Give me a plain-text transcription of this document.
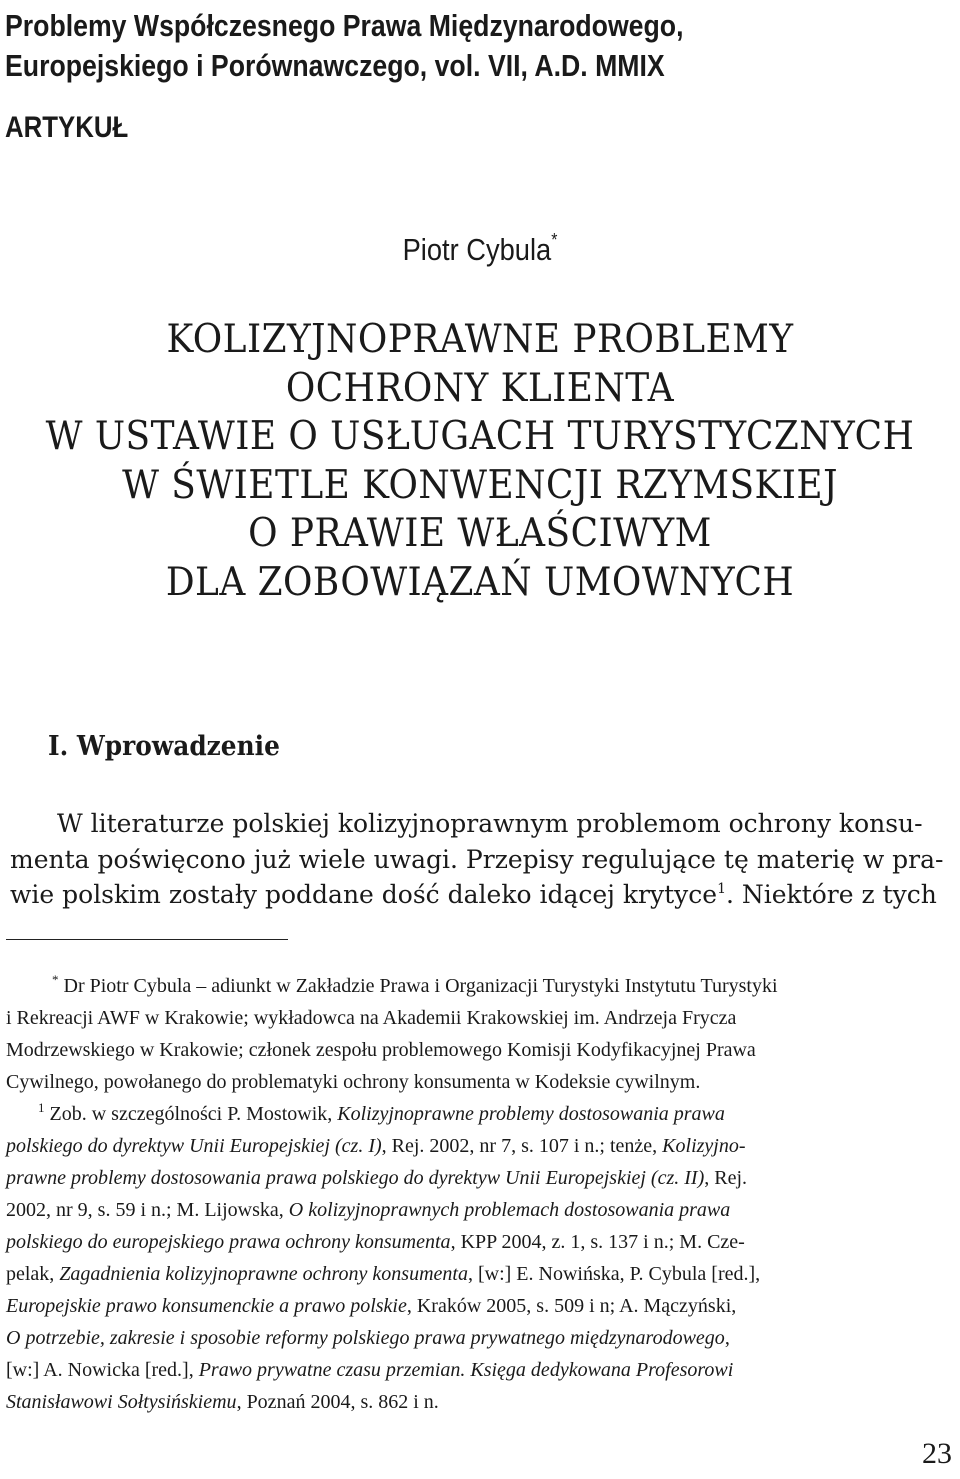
Problemy Współczesnego Prawa Międzynarodowego,
Europejskiego i Porównawczego, vol. VII, A.D. MMIX
ARTYKUŁ
Piotr Cybula*
KOLIZYJNOPRAWNE PROBLEMY
OCHRONY KLIENTA
W USTAWIE O USŁUGACH TURYSTYCZNYCH
W ŚWIETLE KONWENCJI RZYMSKIEJ
O PRAWIE WŁAŚCIWYM
DLA ZOBOWIĄZAŃ UMOWNYCH
I. Wprowadzenie
W literaturze polskiej kolizyjnoprawnym problemom ochrony konsu-
menta poświęcono już wiele uwagi. Przepisy regulujące tę materię w pra-
wie polskim zostały poddane dość daleko idącej krytyce$^1$. Niektóre z tych
* Dr Piotr Cybula – adiunkt w Zakładzie Prawa i Organizacji Turystyki Instytutu Turystyki
i Rekreacji AWF w Krakowie; wykładowca na Akademii Krakowskiej im. Andrzeja Frycza
Modrzewskiego w Krakowie; członek zespołu problemowego Komisji Kodyfikacyjnej Prawa
Cywilnego, powołanego do problematyki ochrony konsumenta w Kodeksie cywilnym.
$^1$ Zob. w szczególności P. Mostowik, Kolizyjnoprawne problemy dostosowania prawa
polskiego do dyrektyw Unii Europejskiej (cz. I), Rej. 2002, nr 7, s. 107 i n.; tenże, Kolizyjno-
prawne problemy dostosowania prawa polskiego do dyrektyw Unii Europejskiej (cz. II), Rej.
2002, nr 9, s. 59 i n.; M. Lijowska, O kolizyjnoprawnych problemach dostosowania prawa
polskiego do europejskiego prawa ochrony konsumenta, KPP 2004, z. 1, s. 137 i n.; M. Cze-
pelak, Zagadnienia kolizyjnoprawne ochrony konsumenta, [w:] E. Nowińska, P. Cybula [red.],
Europejskie prawo konsumenckie a prawo polskie, Kraków 2005, s. 509 i n; A. Mączyński,
O potrzebie, zakresie i sposobie reformy polskiego prawa prywatnego międzynarodowego,
[w:] A. Nowicka [red.], Prawo prywatne czasu przemian. Księga dedykowana Profesorowi
Stanisławowi Sołtysińskiemu, Poznań 2004, s. 862 i n.
23
